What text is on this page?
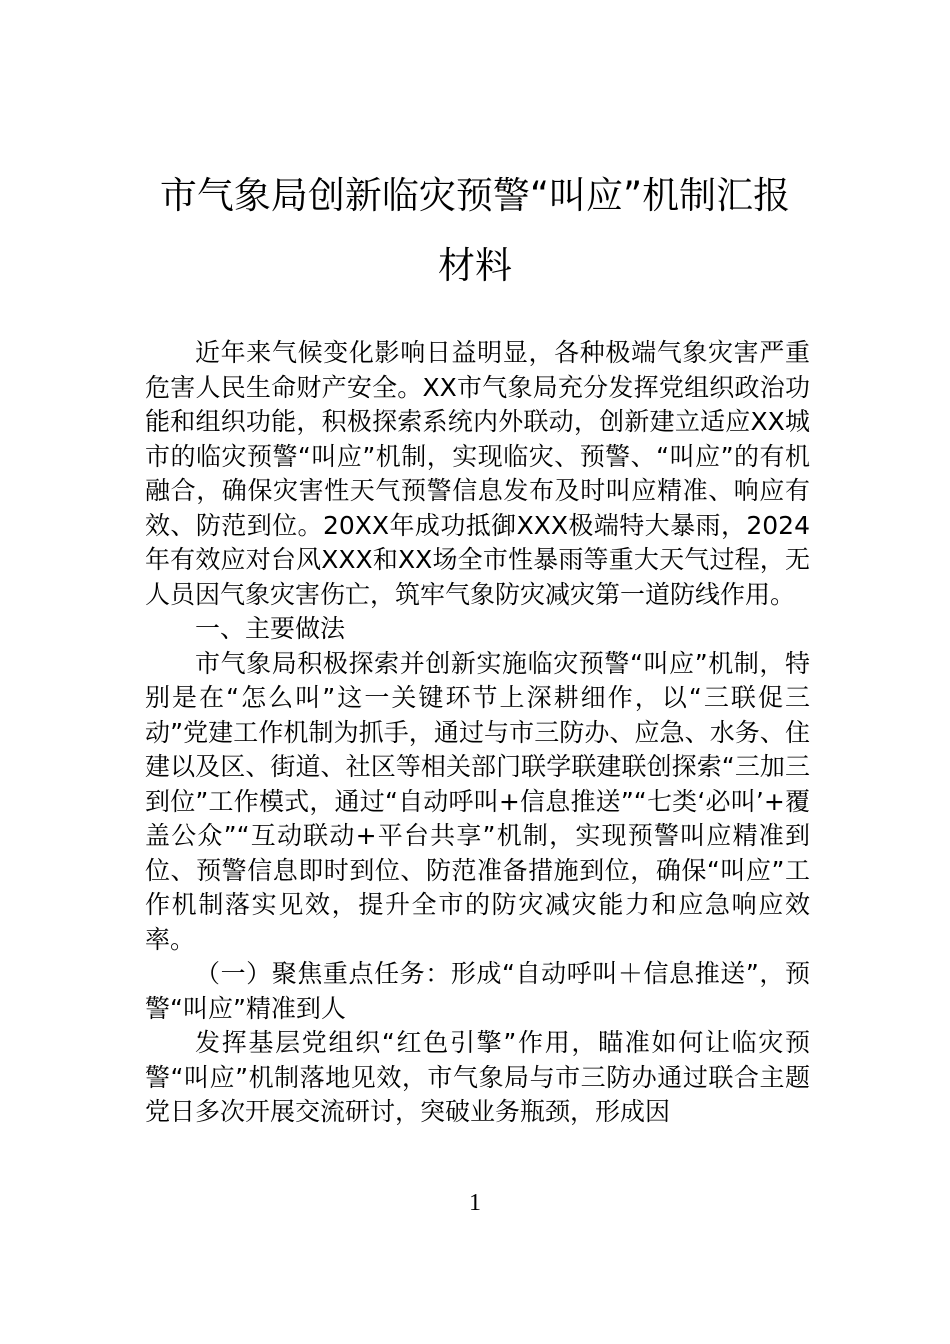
市气象局创新临灾预警“叫应”机制汇报
材料

近年来气候变化影响日益明显，各种极端气象灾害严重危害人民生命财产安全。XX市气象局充分发挥党组织政治功能和组织功能，积极探索系统内外联动，创新建立适应XX城市的临灾预警“叫应”机制，实现临灾、预警、“叫应”的有机融合，确保灾害性天气预警信息发布及时叫应精准、响应有效、防范到位。20XX年成功抵御XXX极端特大暴雨，2024年有效应对台风XXX和XX场全市性暴雨等重大天气过程，无人员因气象灾害伤亡，筑牢气象防灾减灾第一道防线作用。

一、主要做法

市气象局积极探索并创新实施临灾预警“叫应”机制，特别是在“怎么叫”这一关键环节上深耕细作，以“三联促三动”党建工作机制为抓手，通过与市三防办、应急、水务、住建以及区、街道、社区等相关部门联学联建联创探索“三加三到位”工作模式，通过“自动呼叫+信息推送”“七类‘必叫’+覆盖公众”“互动联动+平台共享”机制，实现预警叫应精准到位、预警信息即时到位、防范准备措施到位，确保“叫应”工作机制落实见效，提升全市的防灾减灾能力和应急响应效率。

（一）聚焦重点任务：形成“自动呼叫＋信息推送”，预警“叫应”精准到人

发挥基层党组织“红色引擎”作用，瞄准如何让临灾预警“叫应”机制落地见效，市气象局与市三防办通过联合主题党日多次开展交流研讨，突破业务瓶颈，形成因

1
